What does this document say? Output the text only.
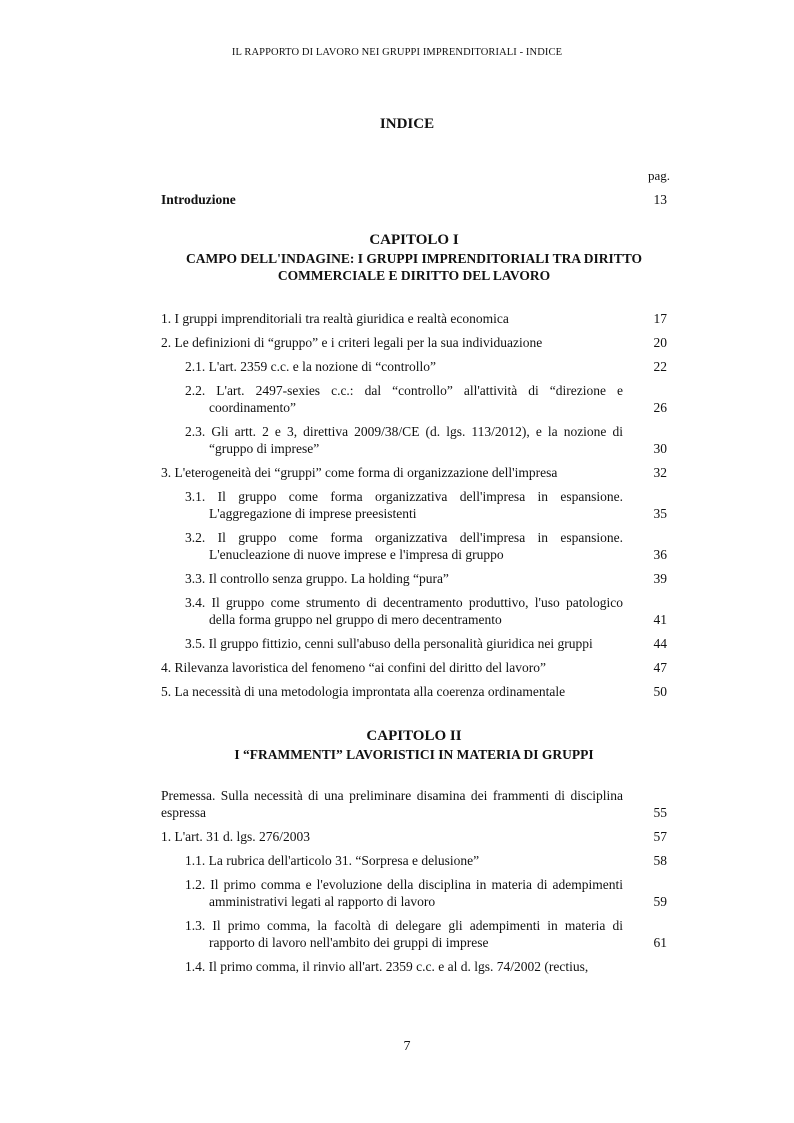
IL RAPPORTO DI LAVORO NEI GRUPPI IMPRENDITORIALI - INDICE
INDICE
pag.
Introduzione	13
CAPITOLO I
CAMPO DELL'INDAGINE: I GRUPPI IMPRENDITORIALI TRA DIRITTO COMMERCIALE E DIRITTO DEL LAVORO
1. I gruppi imprenditoriali tra realtà giuridica e realtà economica	17
2. Le definizioni di “gruppo” e i criteri legali per la sua individuazione	20
2.1. L'art. 2359 c.c. e la nozione di “controllo”	22
2.2. L'art. 2497-sexies c.c.: dal “controllo” all'attività di “direzione e coordinamento”	26
2.3. Gli artt. 2 e 3, direttiva 2009/38/CE (d. lgs. 113/2012), e la nozione di “gruppo di imprese”	30
3. L'eterogeneità dei “gruppi” come forma di organizzazione dell'impresa	32
3.1. Il gruppo come forma organizzativa dell'impresa in espansione. L'aggregazione di imprese preesistenti	35
3.2. Il gruppo come forma organizzativa dell'impresa in espansione. L'enucleazione di nuove imprese e l'impresa di gruppo	36
3.3. Il controllo senza gruppo. La holding “pura”	39
3.4. Il gruppo come strumento di decentramento produttivo, l'uso patologico della forma gruppo nel gruppo di mero decentramento	41
3.5. Il gruppo fittizio, cenni sull'abuso della personalità giuridica nei gruppi	44
4. Rilevanza lavoristica del fenomeno “ai confini del diritto del lavoro”	47
5. La necessità di una metodologia improntata alla coerenza ordinamentale	50
CAPITOLO II
I “FRAMMENTI” LAVORISTICI IN MATERIA DI GRUPPI
Premessa. Sulla necessità di una preliminare disamina dei frammenti di disciplina espressa	55
1. L'art. 31 d. lgs. 276/2003	57
1.1. La rubrica dell'articolo 31. “Sorpresa e delusione”	58
1.2. Il primo comma e l'evoluzione della disciplina in materia di adempimenti amministrativi legati al rapporto di lavoro	59
1.3. Il primo comma, la facoltà di delegare gli adempimenti in materia di rapporto di lavoro nell'ambito dei gruppi di imprese	61
1.4. Il primo comma, il rinvio all'art. 2359 c.c. e al d. lgs. 74/2002 (rectius,
7
